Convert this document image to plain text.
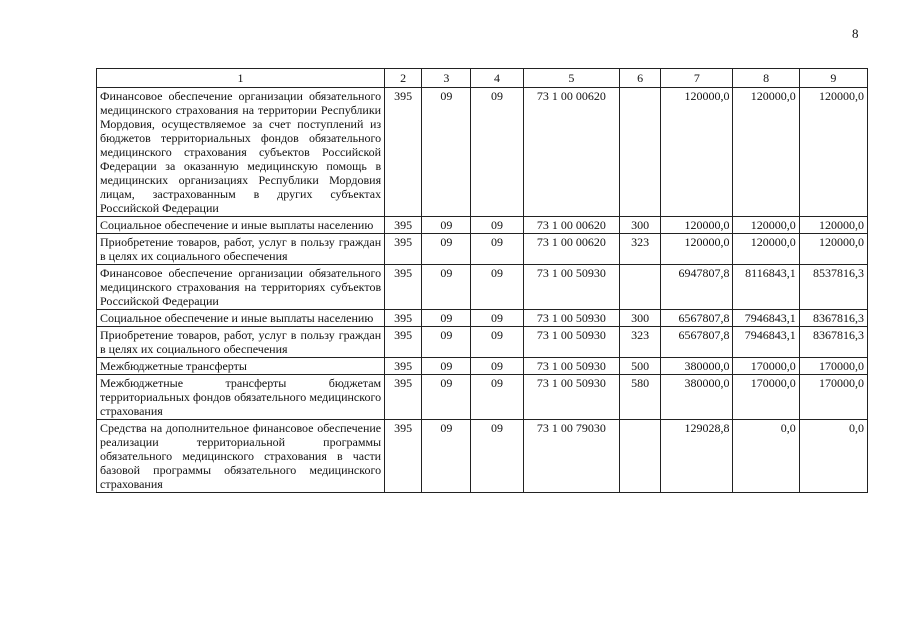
8
1	2	3	4	5	6	7	8	9
Финансовое обеспечение организации обязательного медицинского страхования на территории Республики Мордовия, осуществляемое за счет поступлений из бюджетов территориальных фондов обязательного медицинского страхования субъектов Российской Федерации за оказанную медицинскую помощь в медицинских организациях Республики Мордовия лицам, застрахованным в других субъектах Российской Федерации	395	09	09	73 1 00 00620		120000,0	120000,0	120000,0
Социальное обеспечение и иные выплаты населению	395	09	09	73 1 00 00620	300	120000,0	120000,0	120000,0
Приобретение товаров, работ, услуг в пользу граждан в целях их социального обеспечения	395	09	09	73 1 00 00620	323	120000,0	120000,0	120000,0
Финансовое обеспечение организации обязательного медицинского страхования на территориях субъектов Российской Федерации	395	09	09	73 1 00 50930		6947807,8	8116843,1	8537816,3
Социальное обеспечение и иные выплаты населению	395	09	09	73 1 00 50930	300	6567807,8	7946843,1	8367816,3
Приобретение товаров, работ, услуг в пользу граждан в целях их социального обеспечения	395	09	09	73 1 00 50930	323	6567807,8	7946843,1	8367816,3
Межбюджетные трансферты	395	09	09	73 1 00 50930	500	380000,0	170000,0	170000,0
Межбюджетные трансферты бюджетам территориальных фондов обязательного медицинского страхования	395	09	09	73 1 00 50930	580	380000,0	170000,0	170000,0
Средства на дополнительное финансовое обеспечение реализации территориальной программы обязательного медицинского страхования в части базовой программы обязательного медицинского страхования	395	09	09	73 1 00 79030		129028,8	0,0	0,0
